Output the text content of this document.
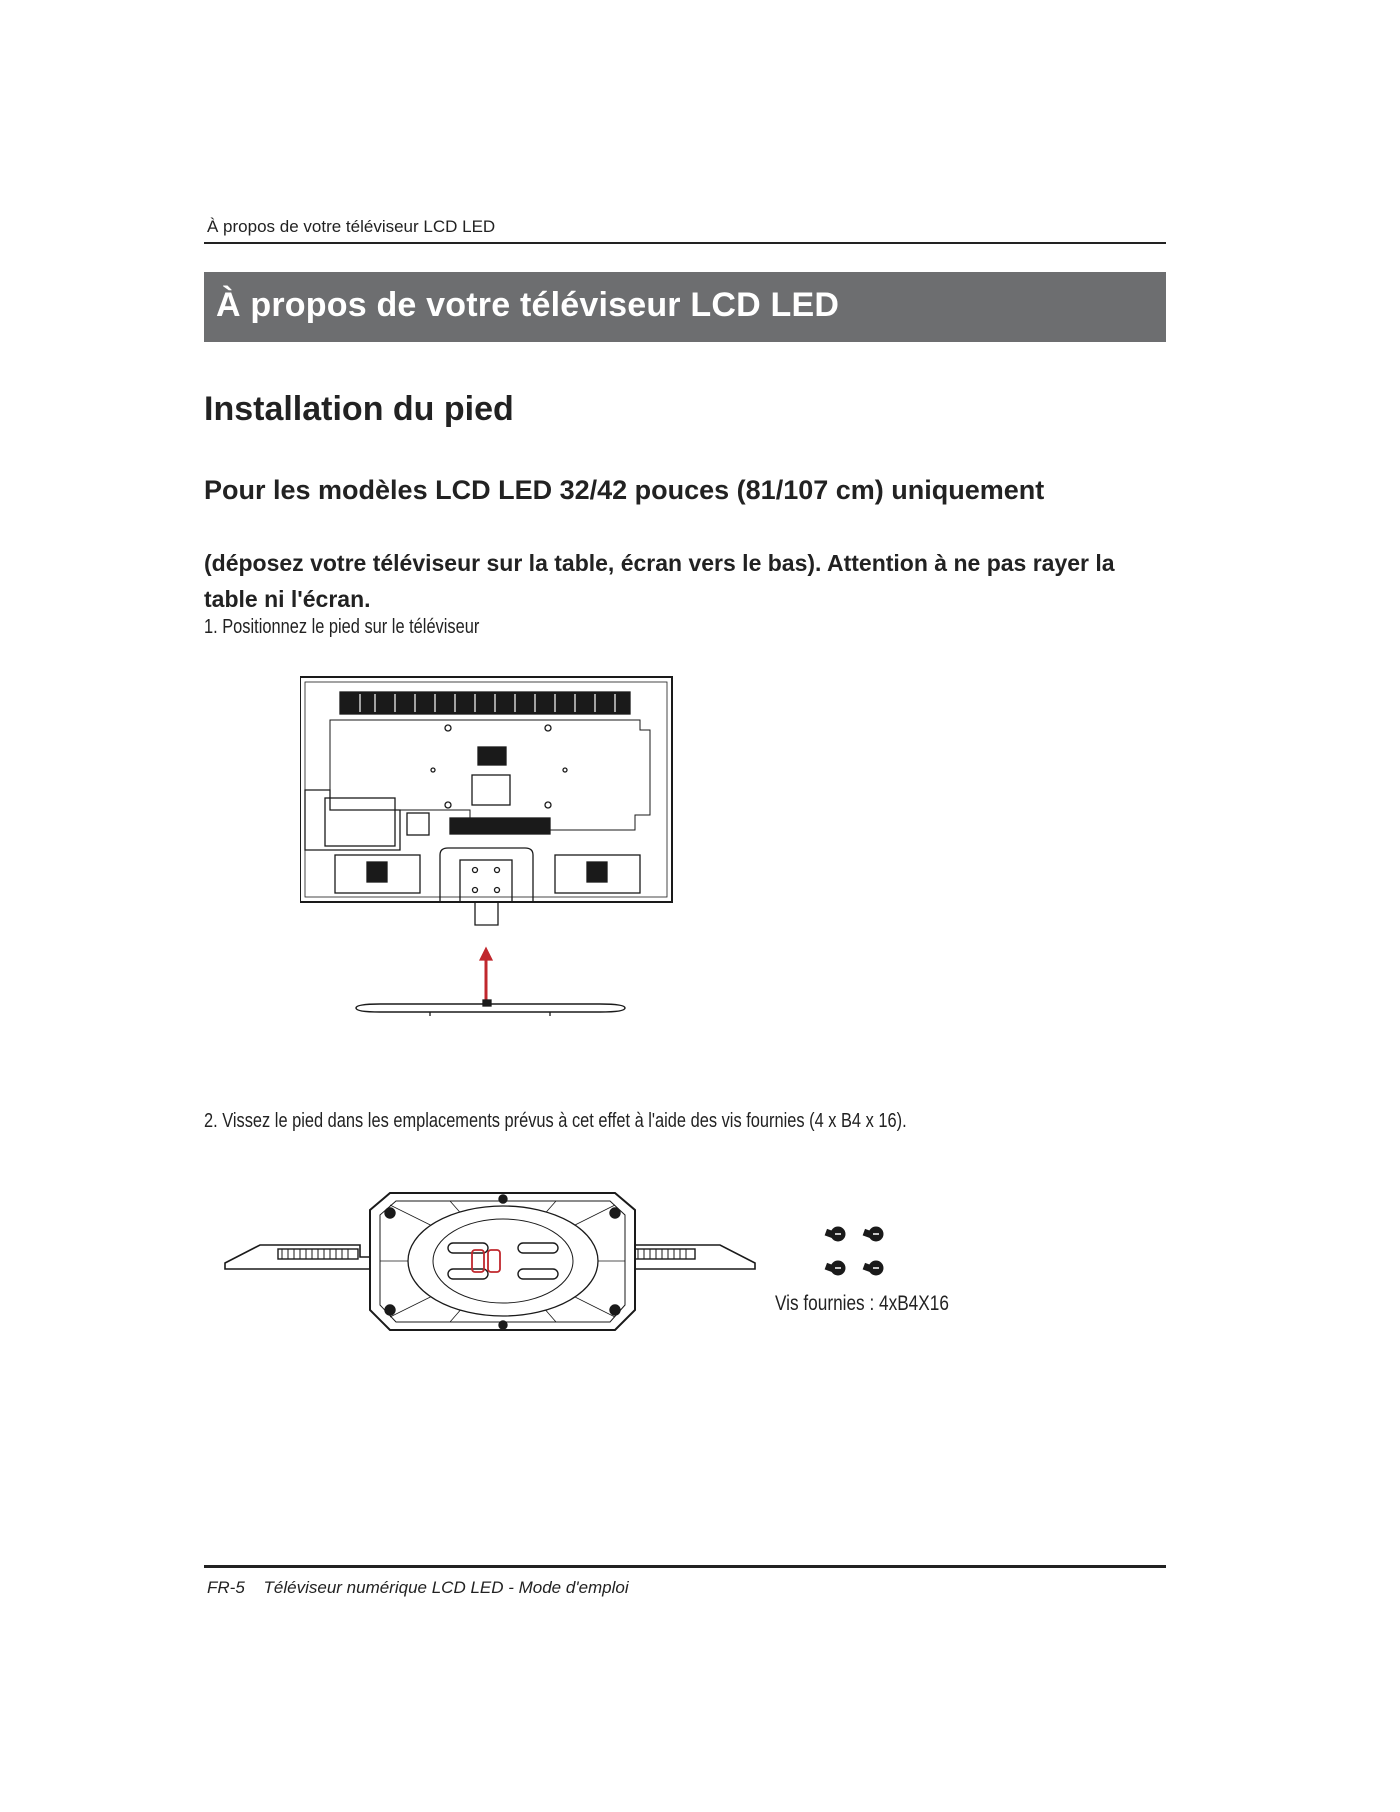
À propos de votre téléviseur LCD LED
À propos de votre téléviseur LCD LED
Installation du pied
Pour les modèles LCD LED 32/42 pouces (81/107 cm) uniquement

(déposez votre téléviseur sur la table, écran vers le bas). Attention à ne pas rayer la table ni l'écran.

1. Positionnez le pied sur le téléviseur

2. Vissez le pied dans les emplacements prévus à cet effet à l'aide des vis fournies (4 x B4 x 16).

Vis fournies : 4xB4X16

FR-5 Téléviseur numérique LCD LED - Mode d'emploi
